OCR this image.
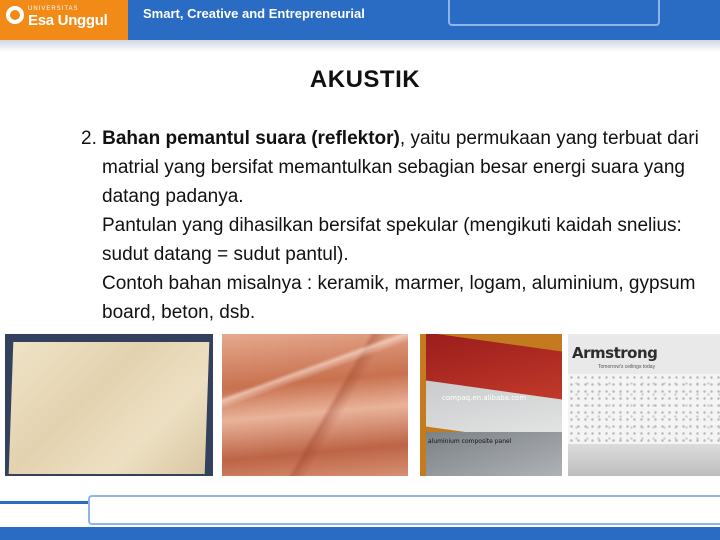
UNIVERSITAS
Esa Unggul	Smart, Creative and Entrepreneurial
AKUSTIK

2. Bahan pemantul suara (reflektor), yaitu permukaan yang terbuat dari matrial yang bersifat memantulkan sebagian besar energi suara yang datang padanya.

Pantulan yang dihasilkan bersifat spekular (mengikuti kaidah snelius: sudut datang = sudut pantul).

Contoh bahan misalnya : keramik, marmer, logam, aluminium, gypsum board, beton, dsb.

compaq.en.alibaba.com
aluminium composite panel
Armstrong
Tomorrow's ceilings today
